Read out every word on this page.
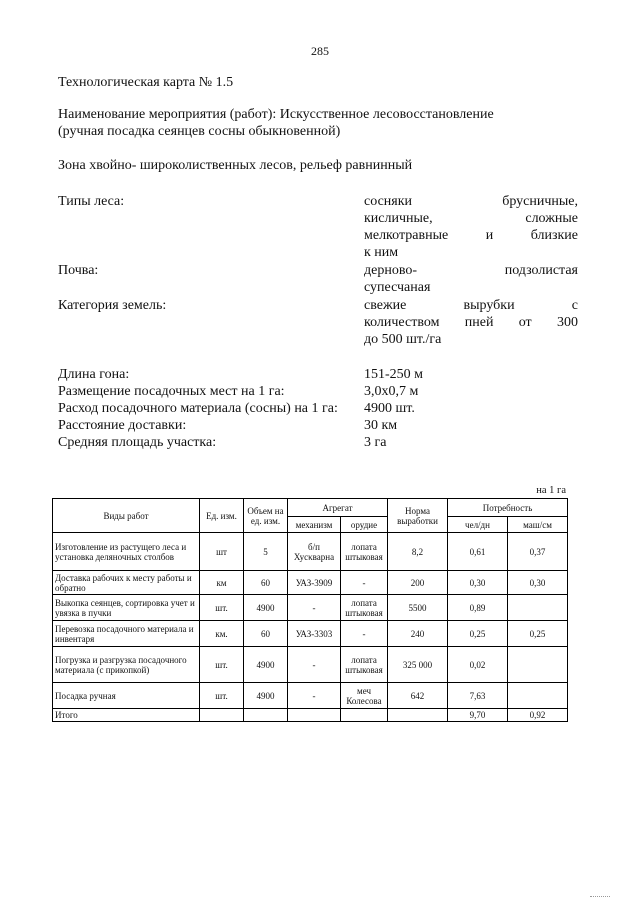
285
Технологическая карта № 1.5
Наименование мероприятия (работ): Искусственное лесовосстановление
(ручная посадка сеянцев сосны обыкновенной)
Зона хвойно- широколиственных лесов, рельеф равнинный
Типы леса:	сосняки брусничные,
кисличные, сложные
мелкотравные и близкие
к ним
Почва:	дерново- подзолистая
супесчаная
Категория земель:	свежие вырубки с
количеством пней от 300
до 500 шт./га
Длина гона:	151-250 м
Размещение посадочных мест на 1 га:	3,0х0,7 м
Расход посадочного материала (сосны) на 1 га: 4900 шт.
Расстояние доставки:	30 км
Средняя площадь участка:	3 га
на 1 га
Виды работ	Ед. изм.	Объем на ед. изм.	Агрегат		Норма выработки	Потребность	
			механизм	орудие		чел/дн	маш/см
Изготовление из растущего леса и установка деляночных столбов	шт	5	б/п Хусκварна	лопата штыковая	8,2	0,61	0,37
Доставка рабочих к месту работы и обратно	км	60	УАЗ-3909	-	200	0,30	0,30
Выкопка сеянцев, сортировка учет и увязка в пучки	шт.	4900	-	лопата штыковая	5500	0,89	
Перевозка посадочного материала и инвентаря	км.	60	УАЗ-3303	-	240	0,25	0,25
Погрузка и разгрузка посадочного материала (с прикопкой)	шт.	4900	-	лопата штыковая	325 000	0,02	
Посадка ручная	шт.	4900	-	меч Колесова	642	7,63	
Итого						9,70	0,92
